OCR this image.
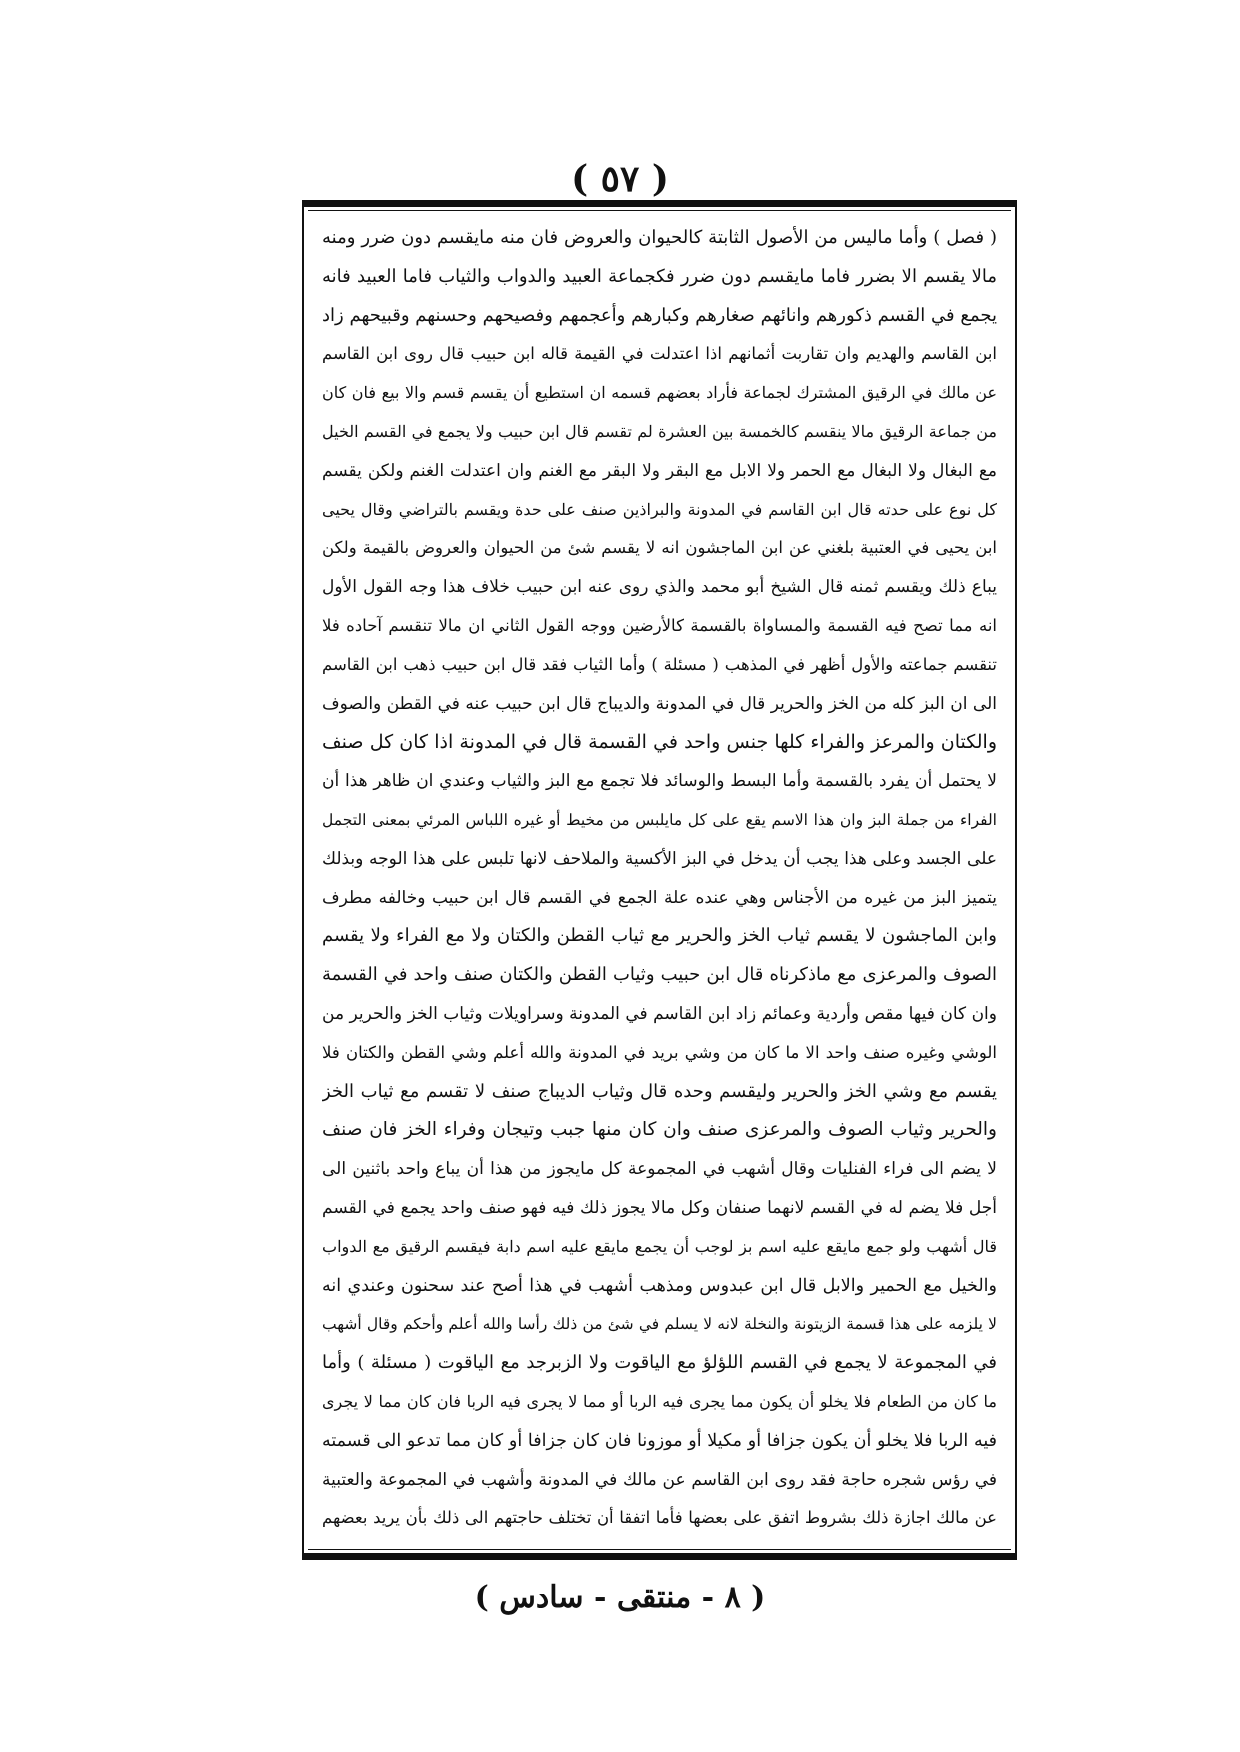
( ٥٧ )
( فصل ) وأما ماليس من الأصول الثابتة كالحيوان والعروض فان منه مايقسم دون ضرر ومنه
مالا يقسم الا بضرر فاما مايقسم دون ضرر فكجماعة العبيد والدواب والثياب فاما العبيد فانه
يجمع في القسم ذكورهم وانائهم صغارهم وكبارهم وأعجمهم وفصيحهم وحسنهم وقبيحهم زاد
ابن القاسم والهديم وان تقاربت أثمانهم اذا اعتدلت في القيمة قاله ابن حبيب قال روى ابن القاسم
عن مالك في الرقيق المشترك لجماعة فأراد بعضهم قسمه ان استطيع أن يقسم قسم والا بيع فان كان
من جماعة الرقيق مالا ينقسم كالخمسة بين العشرة لم تقسم قال ابن حبيب ولا يجمع في القسم الخيل
مع البغال ولا البغال مع الحمر ولا الابل مع البقر ولا البقر مع الغنم وان اعتدلت الغنم ولكن يقسم
كل نوع على حدته قال ابن القاسم في المدونة والبراذين صنف على حدة ويقسم بالتراضي وقال يحيى
ابن يحيى في العتبية بلغني عن ابن الماجشون انه لا يقسم شئ من الحيوان والعروض بالقيمة ولكن
يباع ذلك ويقسم ثمنه قال الشيخ أبو محمد والذي روى عنه ابن حبيب خلاف هذا وجه القول الأول
انه مما تصح فيه القسمة والمساواة بالقسمة كالأرضين ووجه القول الثاني ان مالا تنقسم آحاده فلا
تنقسم جماعته والأول أظهر في المذهب ( مسئلة ) وأما الثياب فقد قال ابن حبيب ذهب ابن القاسم
الى ان البز كله من الخز والحرير قال في المدونة والديباج قال ابن حبيب عنه في القطن والصوف
والكتان والمرعز والفراء كلها جنس واحد في القسمة قال في المدونة اذا كان كل صنف
لا يحتمل أن يفرد بالقسمة وأما البسط والوسائد فلا تجمع مع البز والثياب وعندي ان ظاهر هذا أن
الفراء من جملة البز وان هذا الاسم يقع على كل مايلبس من مخيط أو غيره اللباس المرئي بمعنى التجمل
على الجسد وعلى هذا يجب أن يدخل في البز الأكسية والملاحف لانها تلبس على هذا الوجه وبذلك
يتميز البز من غيره من الأجناس وهي عنده علة الجمع في القسم قال ابن حبيب وخالفه مطرف
وابن الماجشون لا يقسم ثياب الخز والحرير مع ثياب القطن والكتان ولا مع الفراء ولا يقسم
الصوف والمرعزى مع ماذكرناه قال ابن حبيب وثياب القطن والكتان صنف واحد في القسمة
وان كان فيها مقص وأردية وعمائم زاد ابن القاسم في المدونة وسراويلات وثياب الخز والحرير من
الوشي وغيره صنف واحد الا ما كان من وشي بريد في المدونة والله أعلم وشي القطن والكتان فلا
يقسم مع وشي الخز والحرير وليقسم وحده قال وثياب الديباج صنف لا تقسم مع ثياب الخز
والحرير وثياب الصوف والمرعزى صنف وان كان منها جبب وتيجان وفراء الخز فان صنف
لا يضم الى فراء الفنليات وقال أشهب في المجموعة كل مايجوز من هذا أن يباع واحد باثنين الى
أجل فلا يضم له في القسم لانهما صنفان وكل مالا يجوز ذلك فيه فهو صنف واحد يجمع في القسم
قال أشهب ولو جمع مايقع عليه اسم بز لوجب أن يجمع مايقع عليه اسم دابة فيقسم الرقيق مع الدواب
والخيل مع الحمير والابل قال ابن عبدوس ومذهب أشهب في هذا أصح عند سحنون وعندي انه
لا يلزمه على هذا قسمة الزيتونة والنخلة لانه لا يسلم في شئ من ذلك رأسا والله أعلم وأحكم وقال أشهب
في المجموعة لا يجمع في القسم اللؤلؤ مع الياقوت ولا الزبرجد مع الياقوت ( مسئلة ) وأما
ما كان من الطعام فلا يخلو أن يكون مما يجرى فيه الربا أو مما لا يجرى فيه الربا فان كان مما لا يجرى
فيه الربا فلا يخلو أن يكون جزافا أو مكيلا أو موزونا فان كان جزافا أو كان مما تدعو الى قسمته
في رؤس شجره حاجة فقد روى ابن القاسم عن مالك في المدونة وأشهب في المجموعة والعتبية
عن مالك اجازة ذلك بشروط اتفق على بعضها فأما اتفقا أن تختلف حاجتهم الى ذلك بأن يريد بعضهم
( ٨ - منتقى - سادس )
